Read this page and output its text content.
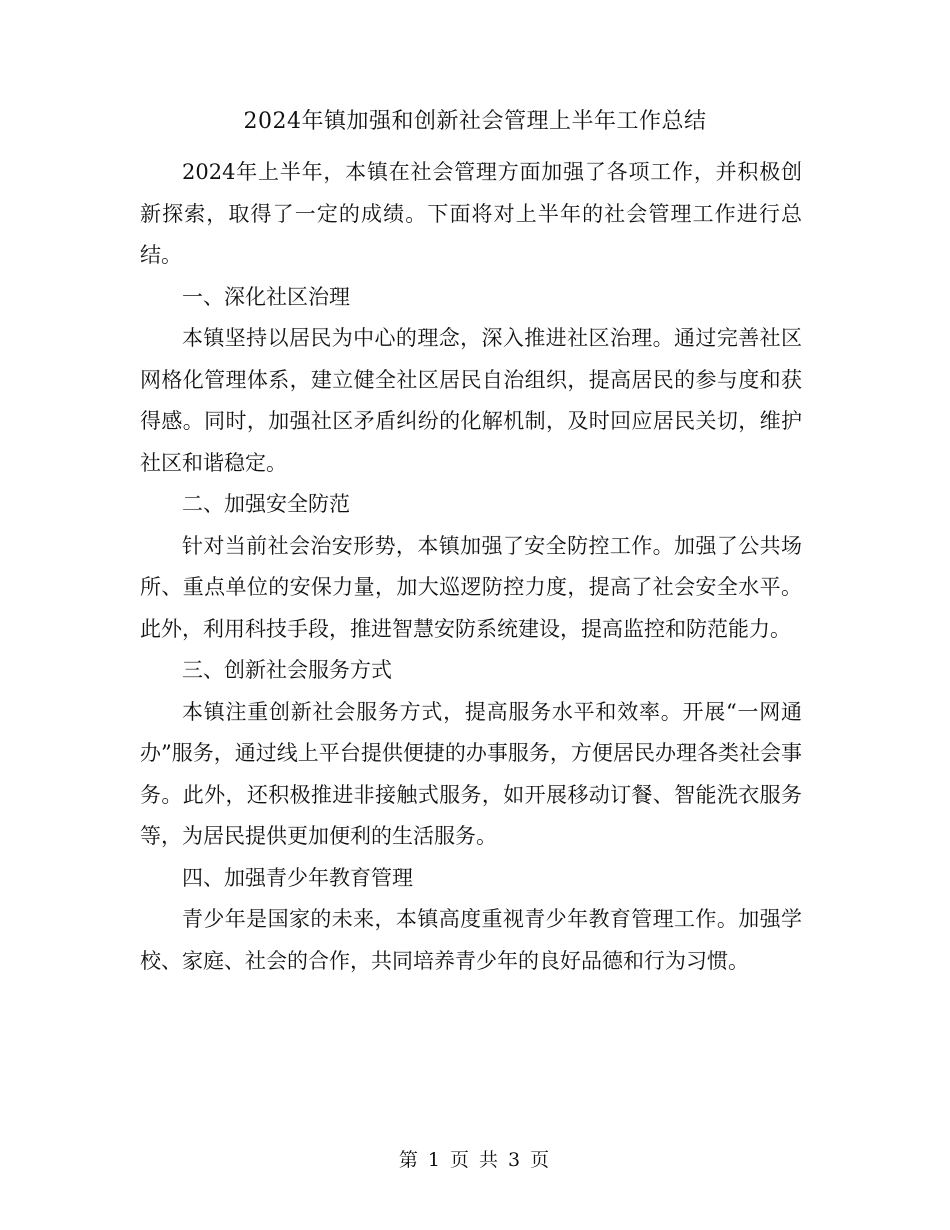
2024年镇加强和创新社会管理上半年工作总结

2024年上半年，本镇在社会管理方面加强了各项工作，并积极创新探索，取得了一定的成绩。下面将对上半年的社会管理工作进行总结。

一、深化社区治理

本镇坚持以居民为中心的理念，深入推进社区治理。通过完善社区网格化管理体系，建立健全社区居民自治组织，提高居民的参与度和获得感。同时，加强社区矛盾纠纷的化解机制，及时回应居民关切，维护社区和谐稳定。

二、加强安全防范

针对当前社会治安形势，本镇加强了安全防控工作。加强了公共场所、重点单位的安保力量，加大巡逻防控力度，提高了社会安全水平。此外，利用科技手段，推进智慧安防系统建设，提高监控和防范能力。

三、创新社会服务方式

本镇注重创新社会服务方式，提高服务水平和效率。开展“一网通办”服务，通过线上平台提供便捷的办事服务，方便居民办理各类社会事务。此外，还积极推进非接触式服务，如开展移动订餐、智能洗衣服务等，为居民提供更加便利的生活服务。

四、加强青少年教育管理

青少年是国家的未来，本镇高度重视青少年教育管理工作。加强学校、家庭、社会的合作，共同培养青少年的良好品德和行为习惯。

第 1 页 共 3 页
